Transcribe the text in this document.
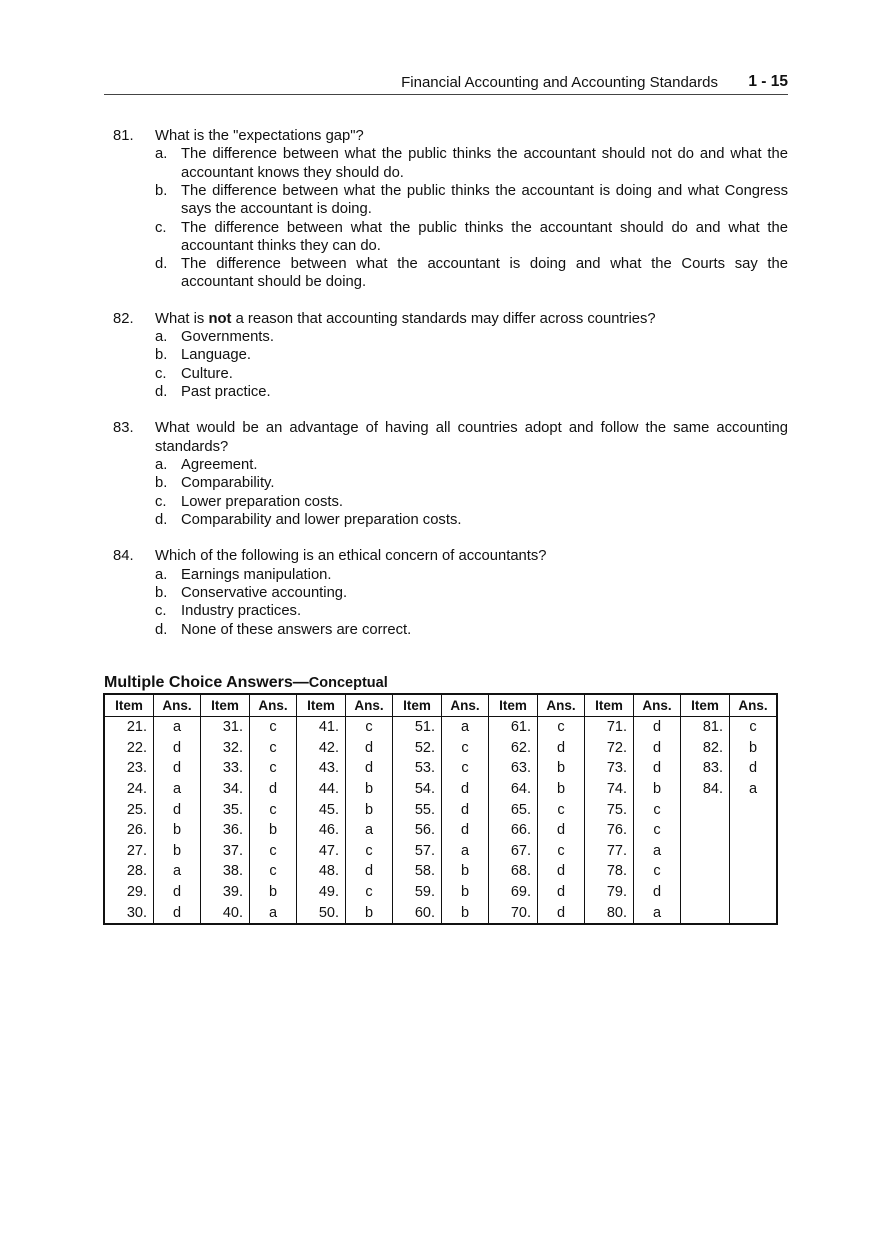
Financial Accounting and Accounting Standards 1 - 15
81. What is the "expectations gap"?
a. The difference between what the public thinks the accountant should not do and what the accountant knows they should do.
b. The difference between what the public thinks the accountant is doing and what Congress says the accountant is doing.
c. The difference between what the public thinks the accountant should do and what the accountant thinks they can do.
d. The difference between what the accountant is doing and what the Courts say the accountant should be doing.
82. What is not a reason that accounting standards may differ across countries?
a. Governments.
b. Language.
c. Culture.
d. Past practice.
83. What would be an advantage of having all countries adopt and follow the same accounting standards?
a. Agreement.
b. Comparability.
c. Lower preparation costs.
d. Comparability and lower preparation costs.
84. Which of the following is an ethical concern of accountants?
a. Earnings manipulation.
b. Conservative accounting.
c. Industry practices.
d. None of these answers are correct.
Multiple Choice Answers—Conceptual
Item	Ans.	Item	Ans.	Item	Ans.	Item	Ans.	Item	Ans.	Item	Ans.	Item	Ans.
21.	a	31.	c	41.	c	51.	a	61.	c	71.	d	81.	c
22.	d	32.	c	42.	d	52.	c	62.	d	72.	d	82.	b
23.	d	33.	c	43.	d	53.	c	63.	b	73.	d	83.	d
24.	a	34.	d	44.	b	54.	d	64.	b	74.	b	84.	a
25.	d	35.	c	45.	b	55.	d	65.	c	75.	c		
26.	b	36.	b	46.	a	56.	d	66.	d	76.	c		
27.	b	37.	c	47.	c	57.	a	67.	c	77.	a		
28.	a	38.	c	48.	d	58.	b	68.	d	78.	c		
29.	d	39.	b	49.	c	59.	b	69.	d	79.	d		
30.	d	40.	a	50.	b	60.	b	70.	d	80.	a		
